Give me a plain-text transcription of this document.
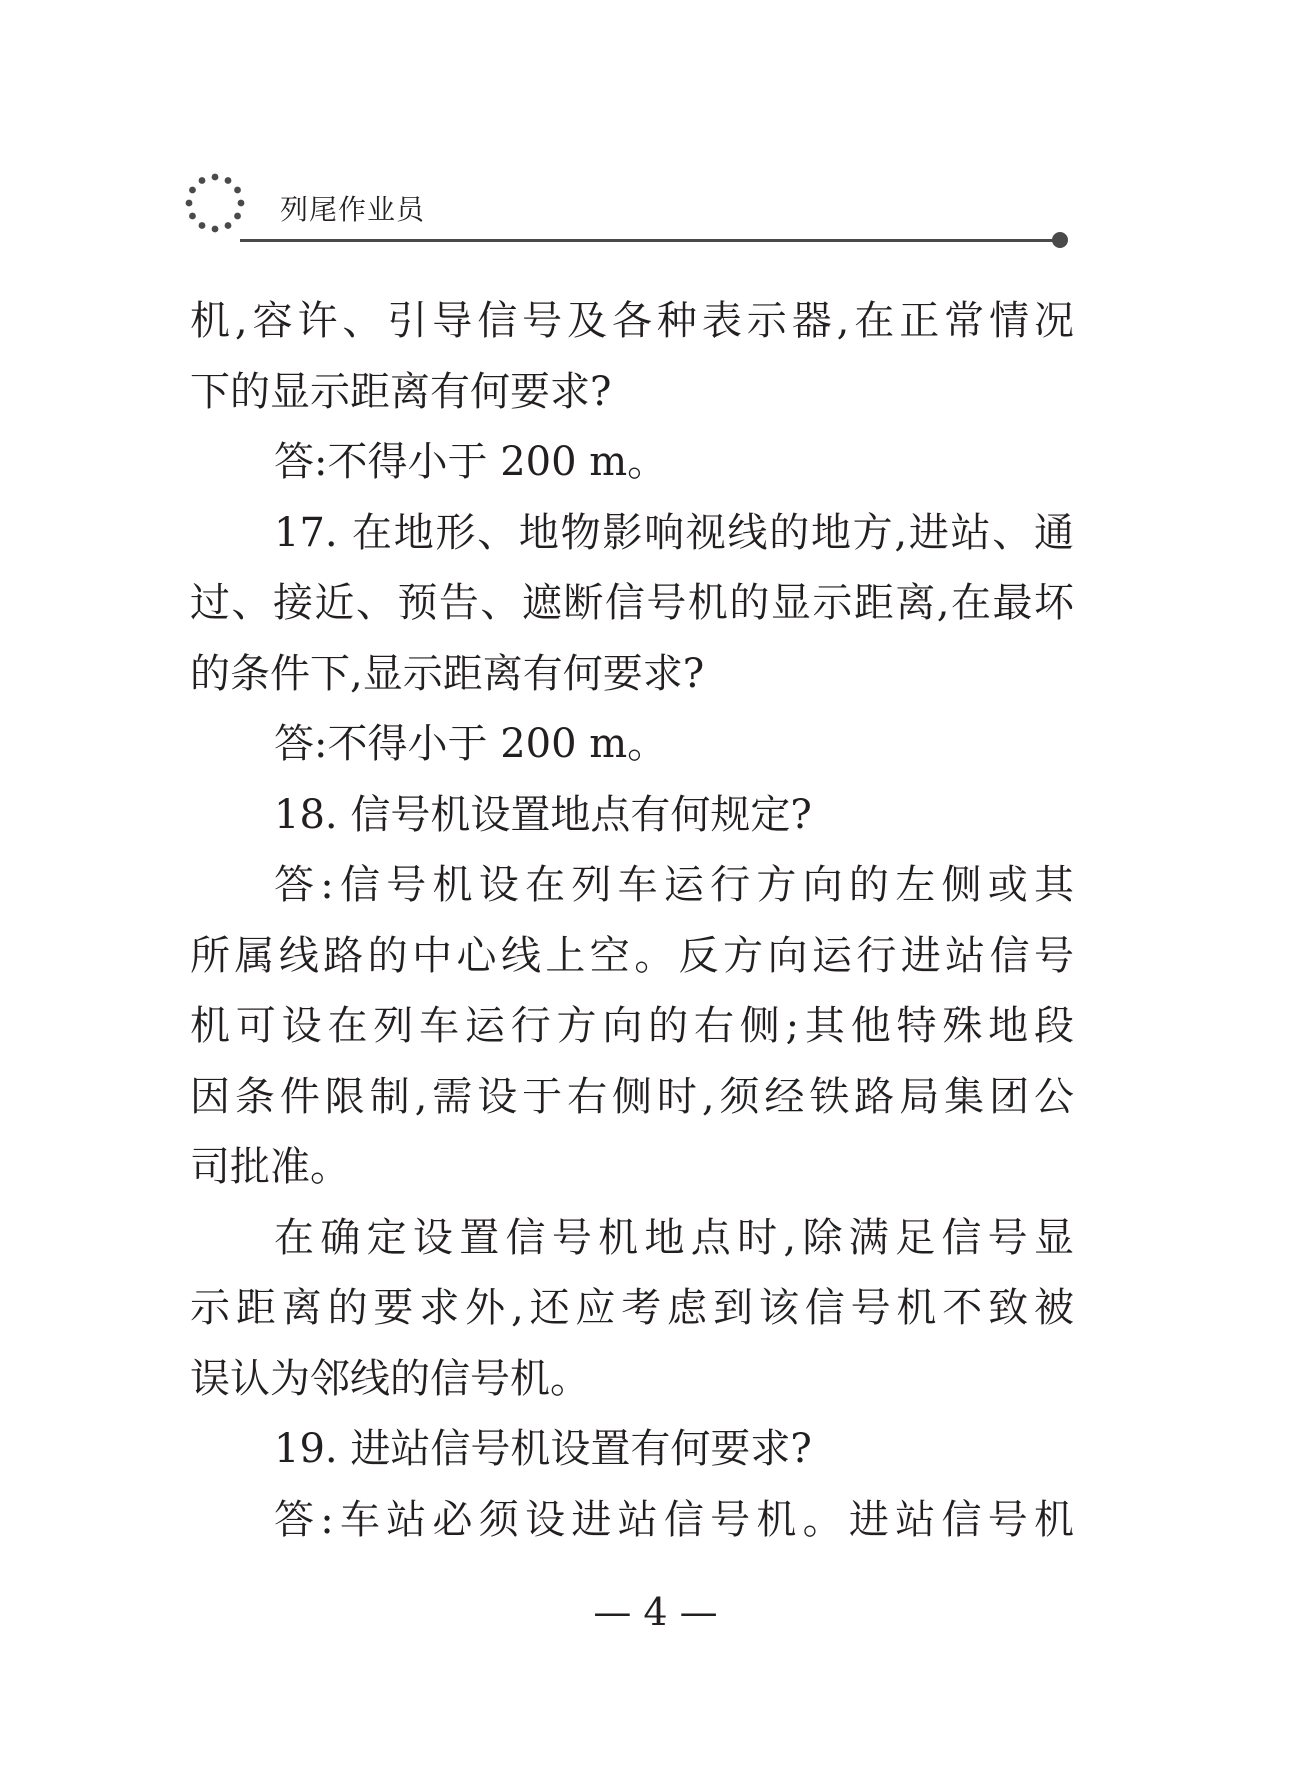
列尾作业员
机,容许、引导信号及各种表示器,在正常情况
下的显示距离有何要求?
答:不得小于 200 m。
17. 在地形、地物影响视线的地方,进站、通
过、接近、预告、遮断信号机的显示距离,在最坏
的条件下,显示距离有何要求?
答:不得小于 200 m。
18. 信号机设置地点有何规定?
答:信号机设在列车运行方向的左侧或其
所属线路的中心线上空。反方向运行进站信号
机可设在列车运行方向的右侧;其他特殊地段
因条件限制,需设于右侧时,须经铁路局集团公
司批准。
在确定设置信号机地点时,除满足信号显
示距离的要求外,还应考虑到该信号机不致被
误认为邻线的信号机。
19. 进站信号机设置有何要求?
答:车站必须设进站信号机。进站信号机
— 4 —
